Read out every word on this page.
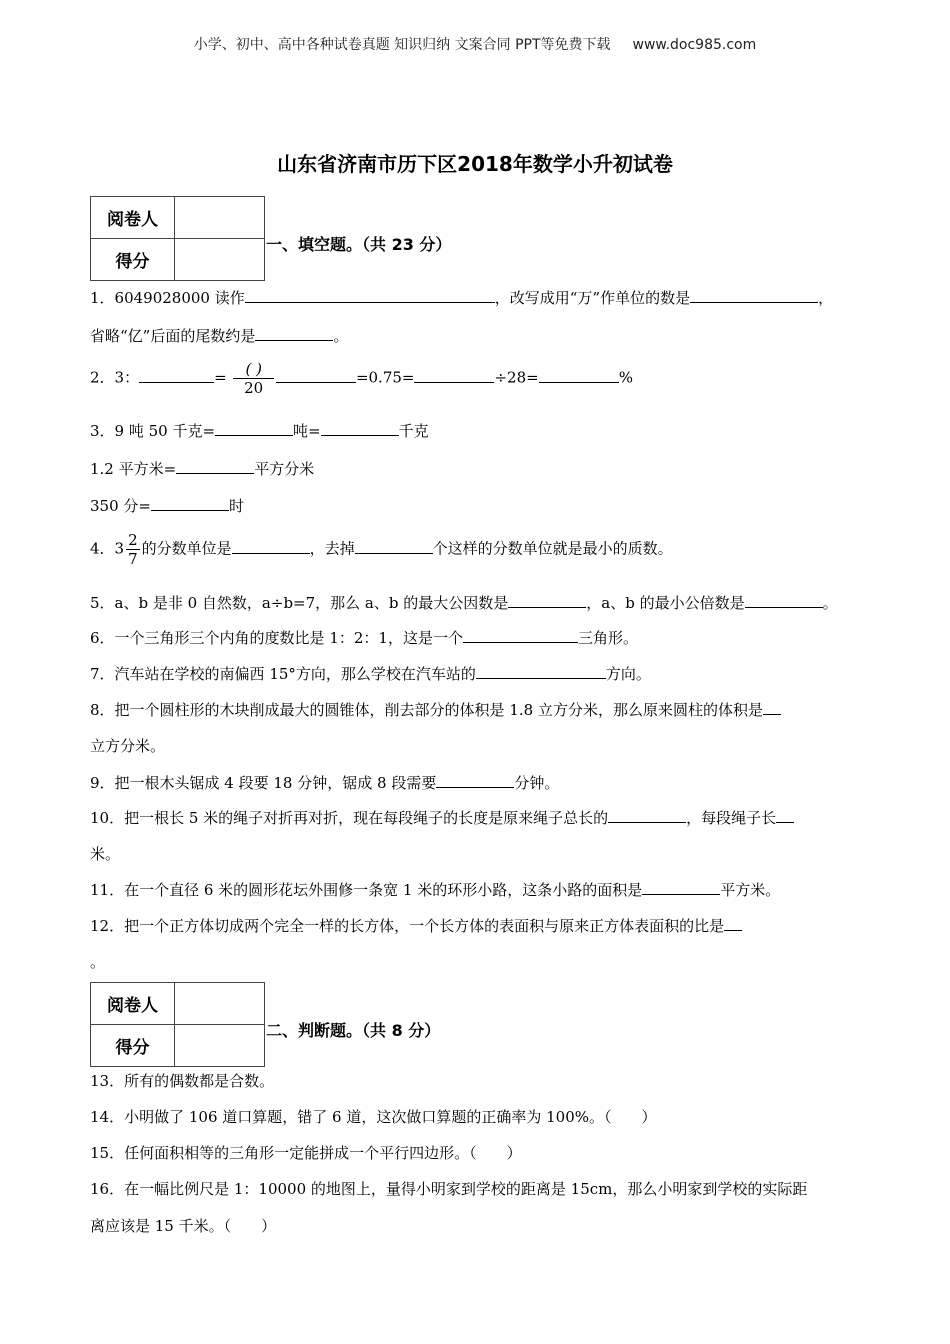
小学、初中、高中各种试卷真题 知识归纳 文案合同 PPT等免费下载 www.doc985.com
山东省济南市历下区2018年数学小升初试卷
阅卷人	
得分	
一、填空题。（共 23 分）
1．6049028000 读作	，改写成用“万”作单位的数是	，
省略“亿”后面的尾数约是	。
2．3：	= $\frac{( )}{20}$	=0.75=	÷28=	%
3．9 吨 50 千克=	吨=	千克
1.2 平方米=	平方分米
350 分=	时
4．$3 \frac{2}{7}$ 的分数单位是	，去掉	个这样的分数单位就是最小的质数。
5．a、b 是非 0 自然数，a÷b=7，那么 a、b 的最大公因数是	，a、b 的最小公倍数是	。
6．一个三角形三个内角的度数比是 1：2：1，这是一个	三角形。
7．汽车站在学校的南偏西 15°方向，那么学校在汽车站的	方向。
8．把一个圆柱形的木块削成最大的圆锥体，削去部分的体积是 1.8 立方分米，那么原来圆柱的体积是
立方分米。
9．把一根木头锯成 4 段要 18 分钟，锯成 8 段需要	分钟。
10．把一根长 5 米的绳子对折再对折，现在每段绳子的长度是原来绳子总长的	，每段绳子长
米。
11．在一个直径 6 米的圆形花坛外围修一条宽 1 米的环形小路，这条小路的面积是	平方米。
12．把一个正方体切成两个完全一样的长方体，一个长方体的表面积与原来正方体表面积的比是
。
阅卷人	
得分	
二、判断题。（共 8 分）
13．所有的偶数都是合数。
14．小明做了 106 道口算题，错了 6 道，这次做口算题的正确率为 100%。（　　）
15．任何面积相等的三角形一定能拼成一个平行四边形。（　　）
16．在一幅比例尺是 1：10000 的地图上，量得小明家到学校的距离是 15cm，那么小明家到学校的实际距
离应该是 15 千米。（　　）
